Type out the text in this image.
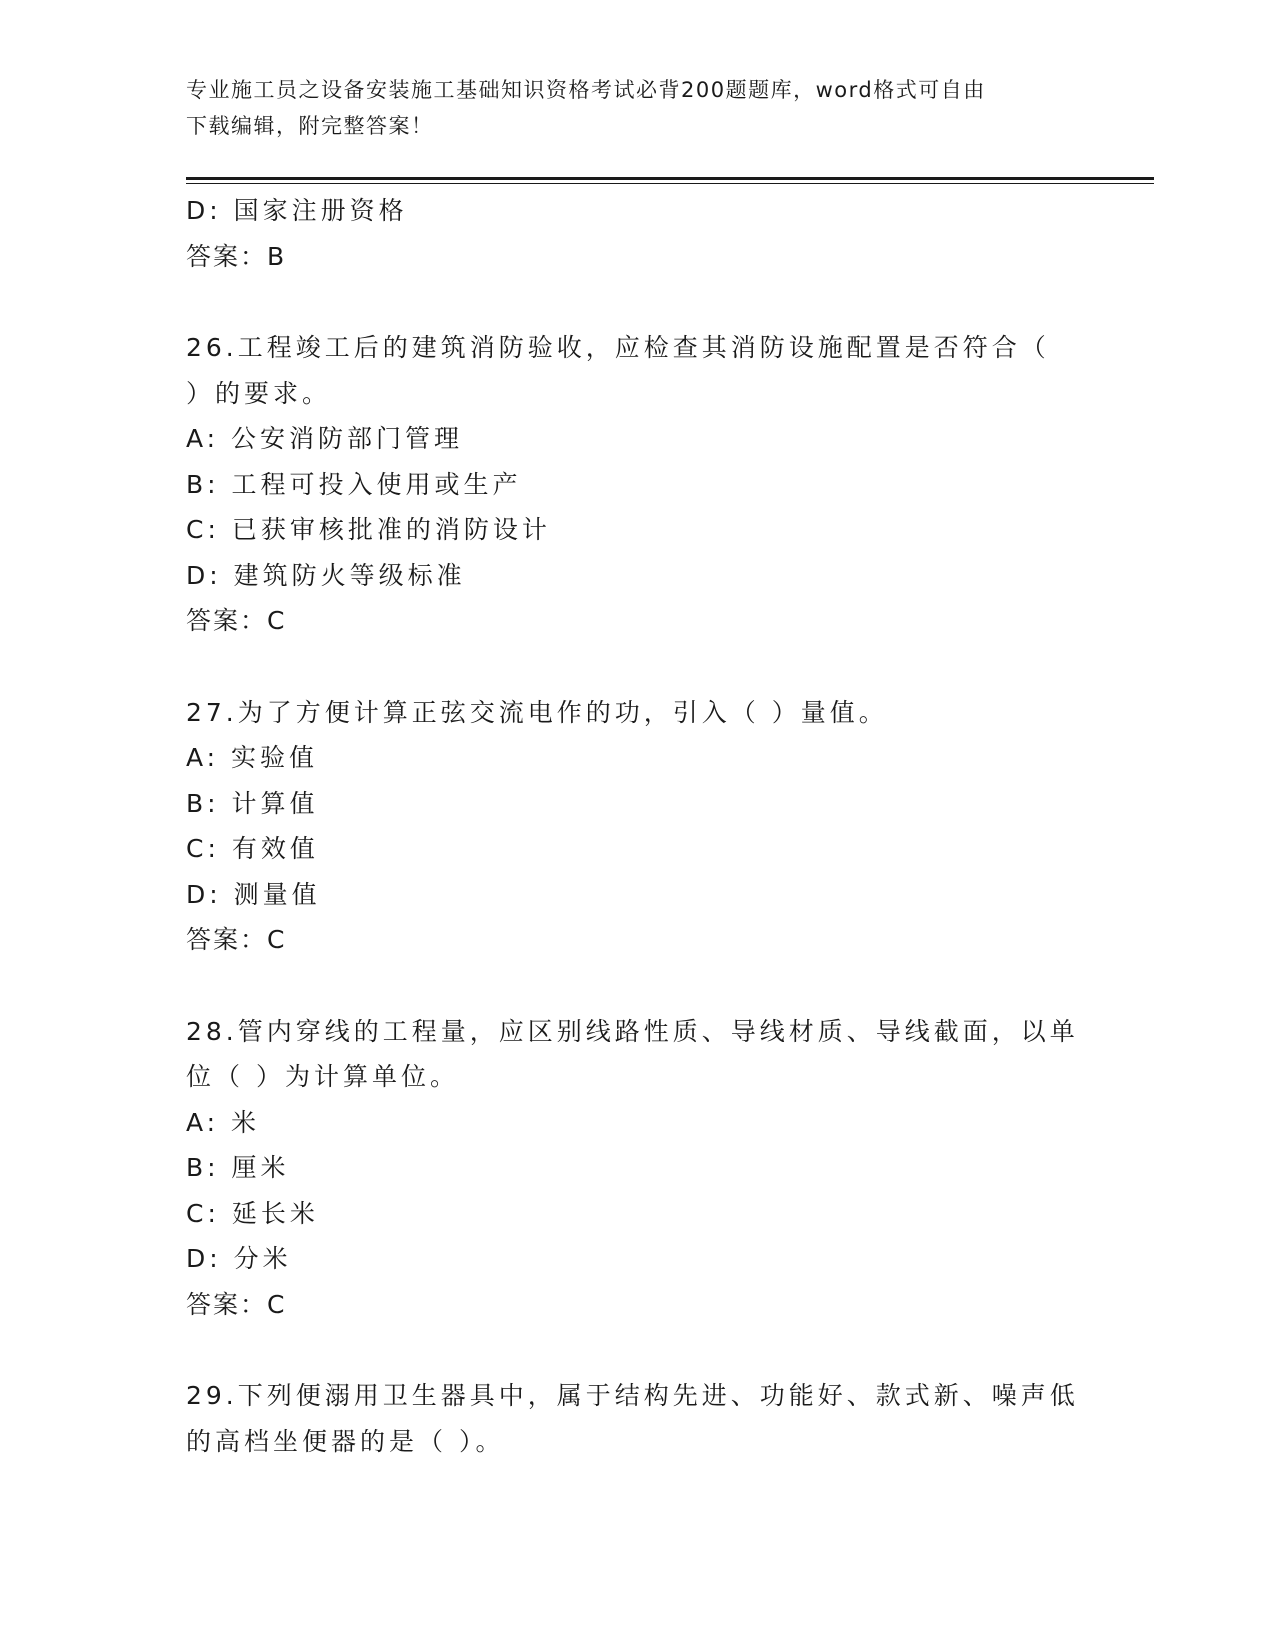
专业施工员之设备安装施工基础知识资格考试必背200题题库，word格式可自由
下载编辑，附完整答案！
D: 国家注册资格
答案：B
26.工程竣工后的建筑消防验收，应检查其消防设施配置是否符合（
）的要求。
A: 公安消防部门管理
B: 工程可投入使用或生产
C: 已获审核批准的消防设计
D: 建筑防火等级标准
答案：C
27.为了方便计算正弦交流电作的功，引入（ ）量值。
A: 实验值
B: 计算值
C: 有效值
D: 测量值
答案：C
28.管内穿线的工程量，应区别线路性质、导线材质、导线截面，以单
位（ ）为计算单位。
A: 米
B: 厘米
C: 延长米
D: 分米
答案：C
29.下列便溺用卫生器具中，属于结构先进、功能好、款式新、噪声低
的高档坐便器的是（ ）。
